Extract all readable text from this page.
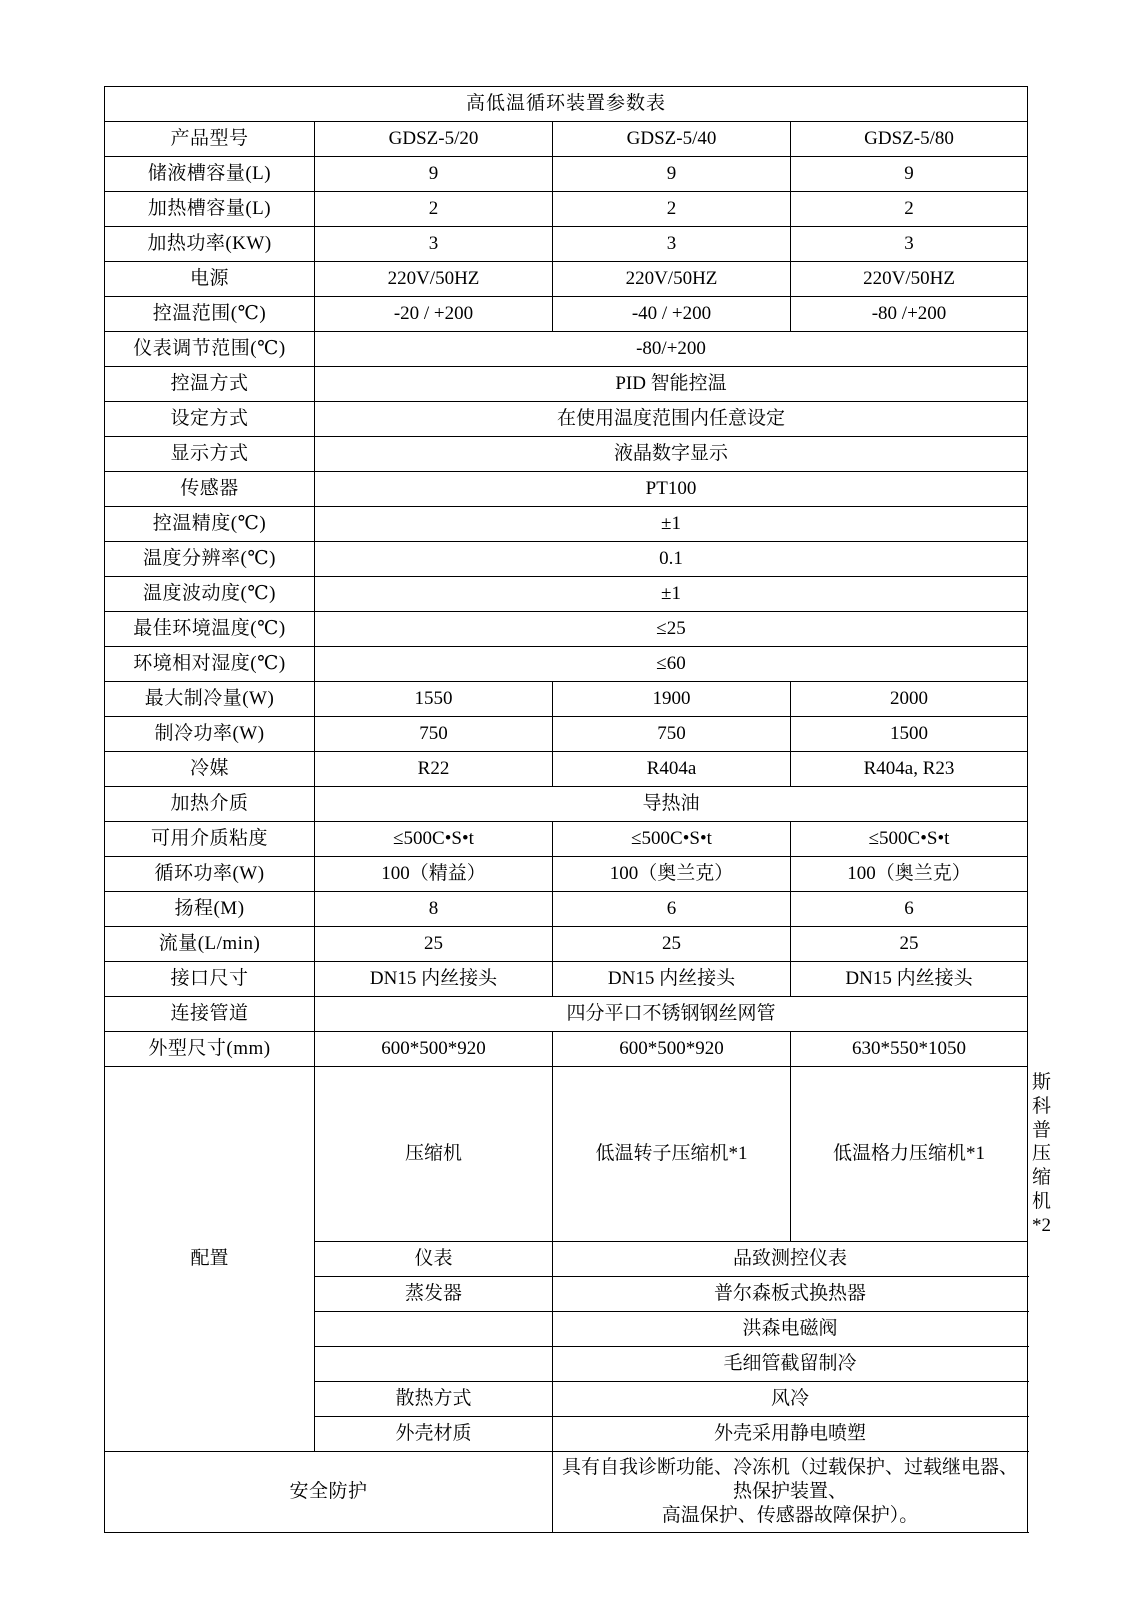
高低温循环装置参数表				
产品型号	GDSZ-5/20	GDSZ-5/40	GDSZ-5/80	
储液槽容量(L)	9	9	9	
加热槽容量(L)	2	2	2	
加热功率(KW)	3	3	3	
电源	220V/50HZ	220V/50HZ	220V/50HZ	
控温范围(℃)	-20 / +200	-40 / +200	-80 /+200	
仪表调节范围(℃)	-80/+200			
控温方式	PID 智能控温			
设定方式	在使用温度范围内任意设定			
显示方式	液晶数字显示			
传感器	PT100			
控温精度(℃)	±1			
温度分辨率(℃)	0.1			
温度波动度(℃)	±1			
最佳环境温度(℃)	≤25			
环境相对湿度(℃)	≤60			
最大制冷量(W)	1550	1900	2000	
制冷功率(W)	750	750	1500	
冷媒	R22	R404a	R404a, R23	
加热介质	导热油			
可用介质粘度	≤500C•S•t	≤500C•S•t	≤500C•S•t	
循环功率(W)	100（精益）	100（奥兰克）	100（奥兰克）	
扬程(M)	8	6	6	
流量(L/min)	25	25	25	
接口尺寸	DN15 内丝接头	DN15 内丝接头	DN15 内丝接头	
连接管道	四分平口不锈钢钢丝网管			
外型尺寸(mm)	600*500*920	600*500*920	630*550*1050	
配置	压缩机	低温转子压缩机*1	低温格力压缩机*1	斯科普压缩机*2
	仪表	品致测控仪表		
	蒸发器	普尔森板式换热器		
		洪森电磁阀		
		毛细管截留制冷		
	散热方式	风冷		
	外壳材质	外壳采用静电喷塑		
安全防护		具有自我诊断功能、冷冻机（过载保护、过载继电器、热保护装置、
高温保护、传感器故障保护）。		
